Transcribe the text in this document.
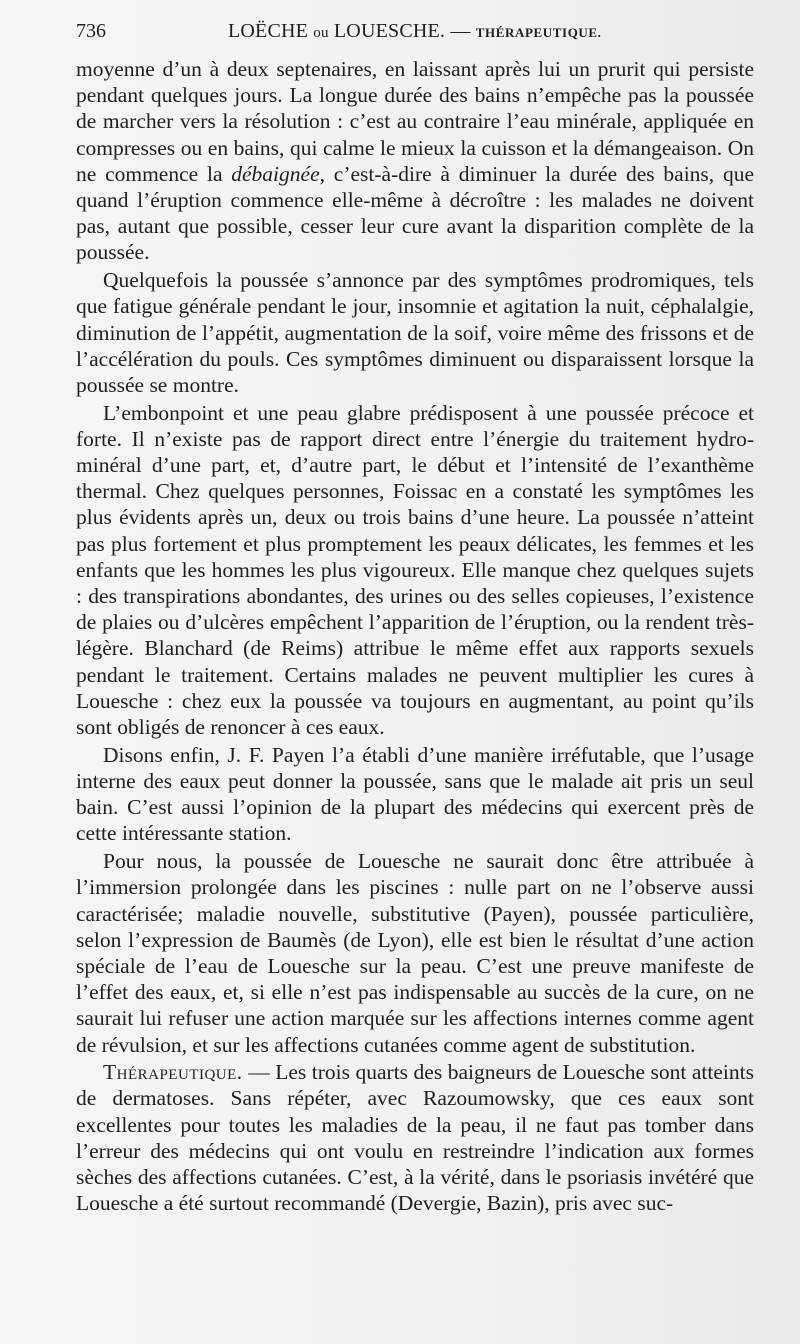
736	LOËCHE ou LOUESCHE. — THÉRAPEUTIQUE.

moyenne d’un à deux septenaires, en laissant après lui un prurit qui persiste pendant quelques jours. La longue durée des bains n’empêche pas la poussée de marcher vers la résolution : c’est au contraire l’eau minérale, appliquée en compresses ou en bains, qui calme le mieux la cuisson et la démangeaison. On ne commence la débaignée, c’est-à-dire à diminuer la durée des bains, que quand l’éruption commence elle-même à décroître : les malades ne doivent pas, autant que possible, cesser leur cure avant la disparition complète de la poussée.

Quelquefois la poussée s’annonce par des symptômes prodromiques, tels que fatigue générale pendant le jour, insomnie et agitation la nuit, céphalalgie, diminution de l’appétit, augmentation de la soif, voire même des frissons et de l’accélération du pouls. Ces symptômes diminuent ou disparaissent lorsque la poussée se montre.

L’embonpoint et une peau glabre prédisposent à une poussée précoce et forte. Il n’existe pas de rapport direct entre l’énergie du traitement hydro-minéral d’une part, et, d’autre part, le début et l’intensité de l’exanthème thermal. Chez quelques personnes, Foissac en a constaté les symptômes les plus évidents après un, deux ou trois bains d’une heure. La poussée n’atteint pas plus fortement et plus promptement les peaux délicates, les femmes et les enfants que les hommes les plus vigoureux. Elle manque chez quelques sujets : des transpirations abondantes, des urines ou des selles copieuses, l’existence de plaies ou d’ulcères empêchent l’apparition de l’éruption, ou la rendent très-légère. Blanchard (de Reims) attribue le même effet aux rapports sexuels pendant le traitement. Certains malades ne peuvent multiplier les cures à Louesche : chez eux la poussée va toujours en augmentant, au point qu’ils sont obligés de renoncer à ces eaux.

Disons enfin, J. F. Payen l’a établi d’une manière irréfutable, que l’usage interne des eaux peut donner la poussée, sans que le malade ait pris un seul bain. C’est aussi l’opinion de la plupart des médecins qui exercent près de cette intéressante station.

Pour nous, la poussée de Louesche ne saurait donc être attribuée à l’immersion prolongée dans les piscines : nulle part on ne l’observe aussi caractérisée; maladie nouvelle, substitutive (Payen), poussée particulière, selon l’expression de Baumès (de Lyon), elle est bien le résultat d’une action spéciale de l’eau de Louesche sur la peau. C’est une preuve manifeste de l’effet des eaux, et, si elle n’est pas indispensable au succès de la cure, on ne saurait lui refuser une action marquée sur les affections internes comme agent de révulsion, et sur les affections cutanées comme agent de substitution.

Thérapeutique. — Les trois quarts des baigneurs de Louesche sont atteints de dermatoses. Sans répéter, avec Razoumowsky, que ces eaux sont excellentes pour toutes les maladies de la peau, il ne faut pas tomber dans l’erreur des médecins qui ont voulu en restreindre l’indication aux formes sèches des affections cutanées. C’est, à la vérité, dans le psoriasis invétéré que Louesche a été surtout recommandé (Devergie, Bazin), pris avec suc-
